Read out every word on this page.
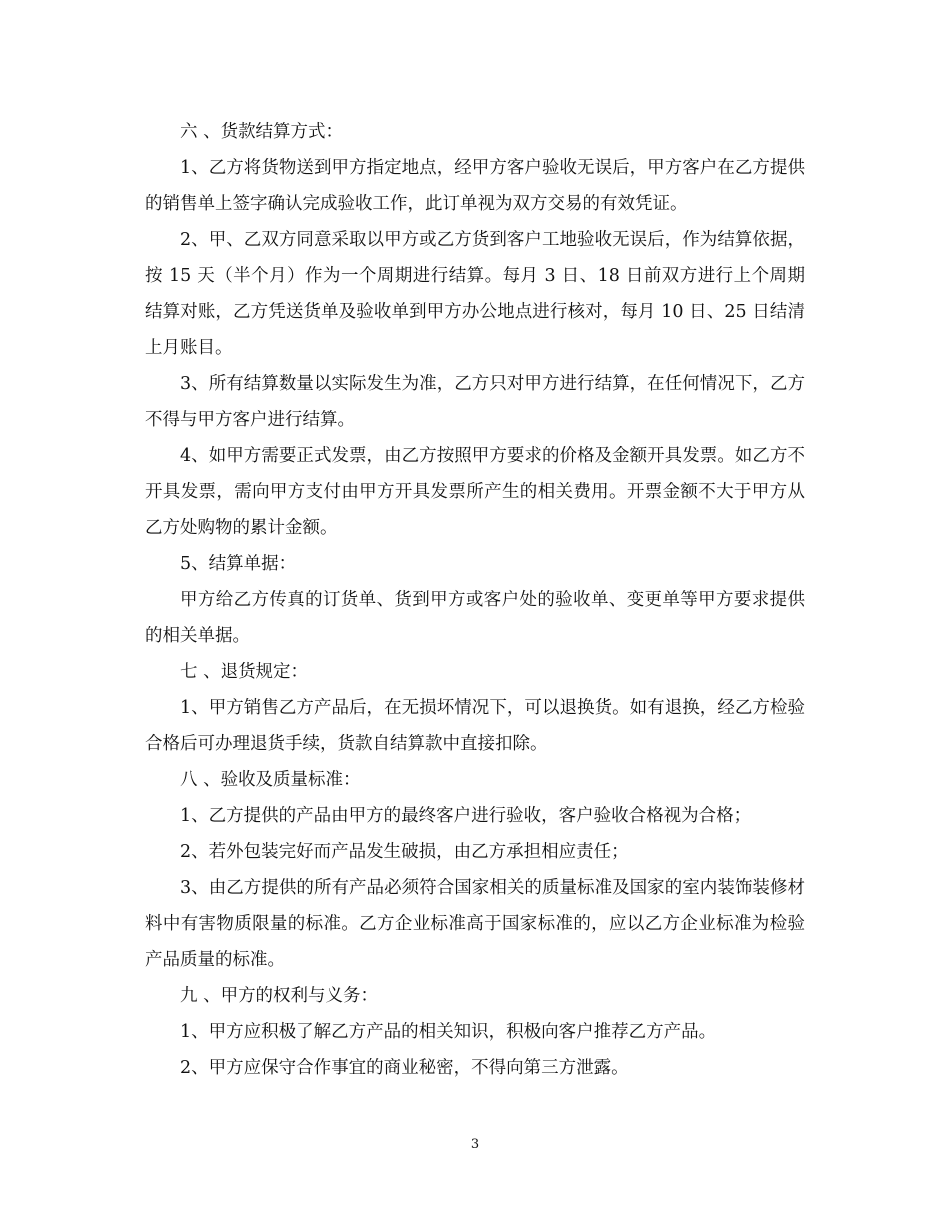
六 、货款结算方式：

1、乙方将货物送到甲方指定地点，经甲方客户验收无误后，甲方客户在乙方提供的销售单上签字确认完成验收工作，此订单视为双方交易的有效凭证。

2、甲、乙双方同意采取以甲方或乙方货到客户工地验收无误后，作为结算依据，按 15 天（半个月）作为一个周期进行结算。每月 3 日、18 日前双方进行上个周期结算对账，乙方凭送货单及验收单到甲方办公地点进行核对，每月 10 日、25 日结清上月账目。

3、所有结算数量以实际发生为准，乙方只对甲方进行结算，在任何情况下，乙方不得与甲方客户进行结算。

4、如甲方需要正式发票，由乙方按照甲方要求的价格及金额开具发票。如乙方不开具发票，需向甲方支付由甲方开具发票所产生的相关费用。开票金额不大于甲方从乙方处购物的累计金额。

5、结算单据：

甲方给乙方传真的订货单、货到甲方或客户处的验收单、变更单等甲方要求提供的相关单据。

七 、退货规定：

1、甲方销售乙方产品后，在无损坏情况下，可以退换货。如有退换，经乙方检验合格后可办理退货手续，货款自结算款中直接扣除。

八 、验收及质量标准：

1、乙方提供的产品由甲方的最终客户进行验收，客户验收合格视为合格；

2、若外包装完好而产品发生破损，由乙方承担相应责任；

3、由乙方提供的所有产品必须符合国家相关的质量标准及国家的室内装饰装修材料中有害物质限量的标准。乙方企业标准高于国家标准的，应以乙方企业标准为检验产品质量的标准。

九 、甲方的权利与义务：

1、甲方应积极了解乙方产品的相关知识，积极向客户推荐乙方产品。

2、甲方应保守合作事宜的商业秘密，不得向第三方泄露。

3
